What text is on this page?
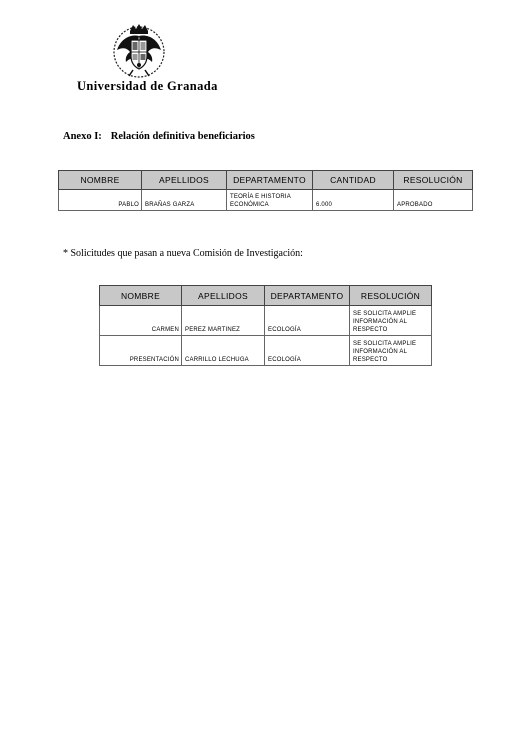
Universidad de Granada
Anexo I: Relación definitiva beneficiarios
NOMBRE	APELLIDOS	DEPARTAMENTO	CANTIDAD	RESOLUCIÓN
PABLO	BRAÑAS GARZA	TEORÍA E HISTORIA ECONÓMICA	6.000	APROBADO
* Solicitudes que pasan a nueva Comisión de Investigación:
NOMBRE	APELLIDOS	DEPARTAMENTO	RESOLUCIÓN
CARMEN	PEREZ MARTINEZ	ECOLOGÍA	SE SOLICITA AMPLIE INFORMACIÓN AL RESPECTO
PRESENTACIÓN	CARRILLO LECHUGA	ECOLOGÍA	SE SOLICITA AMPLIE INFORMACIÓN AL RESPECTO
